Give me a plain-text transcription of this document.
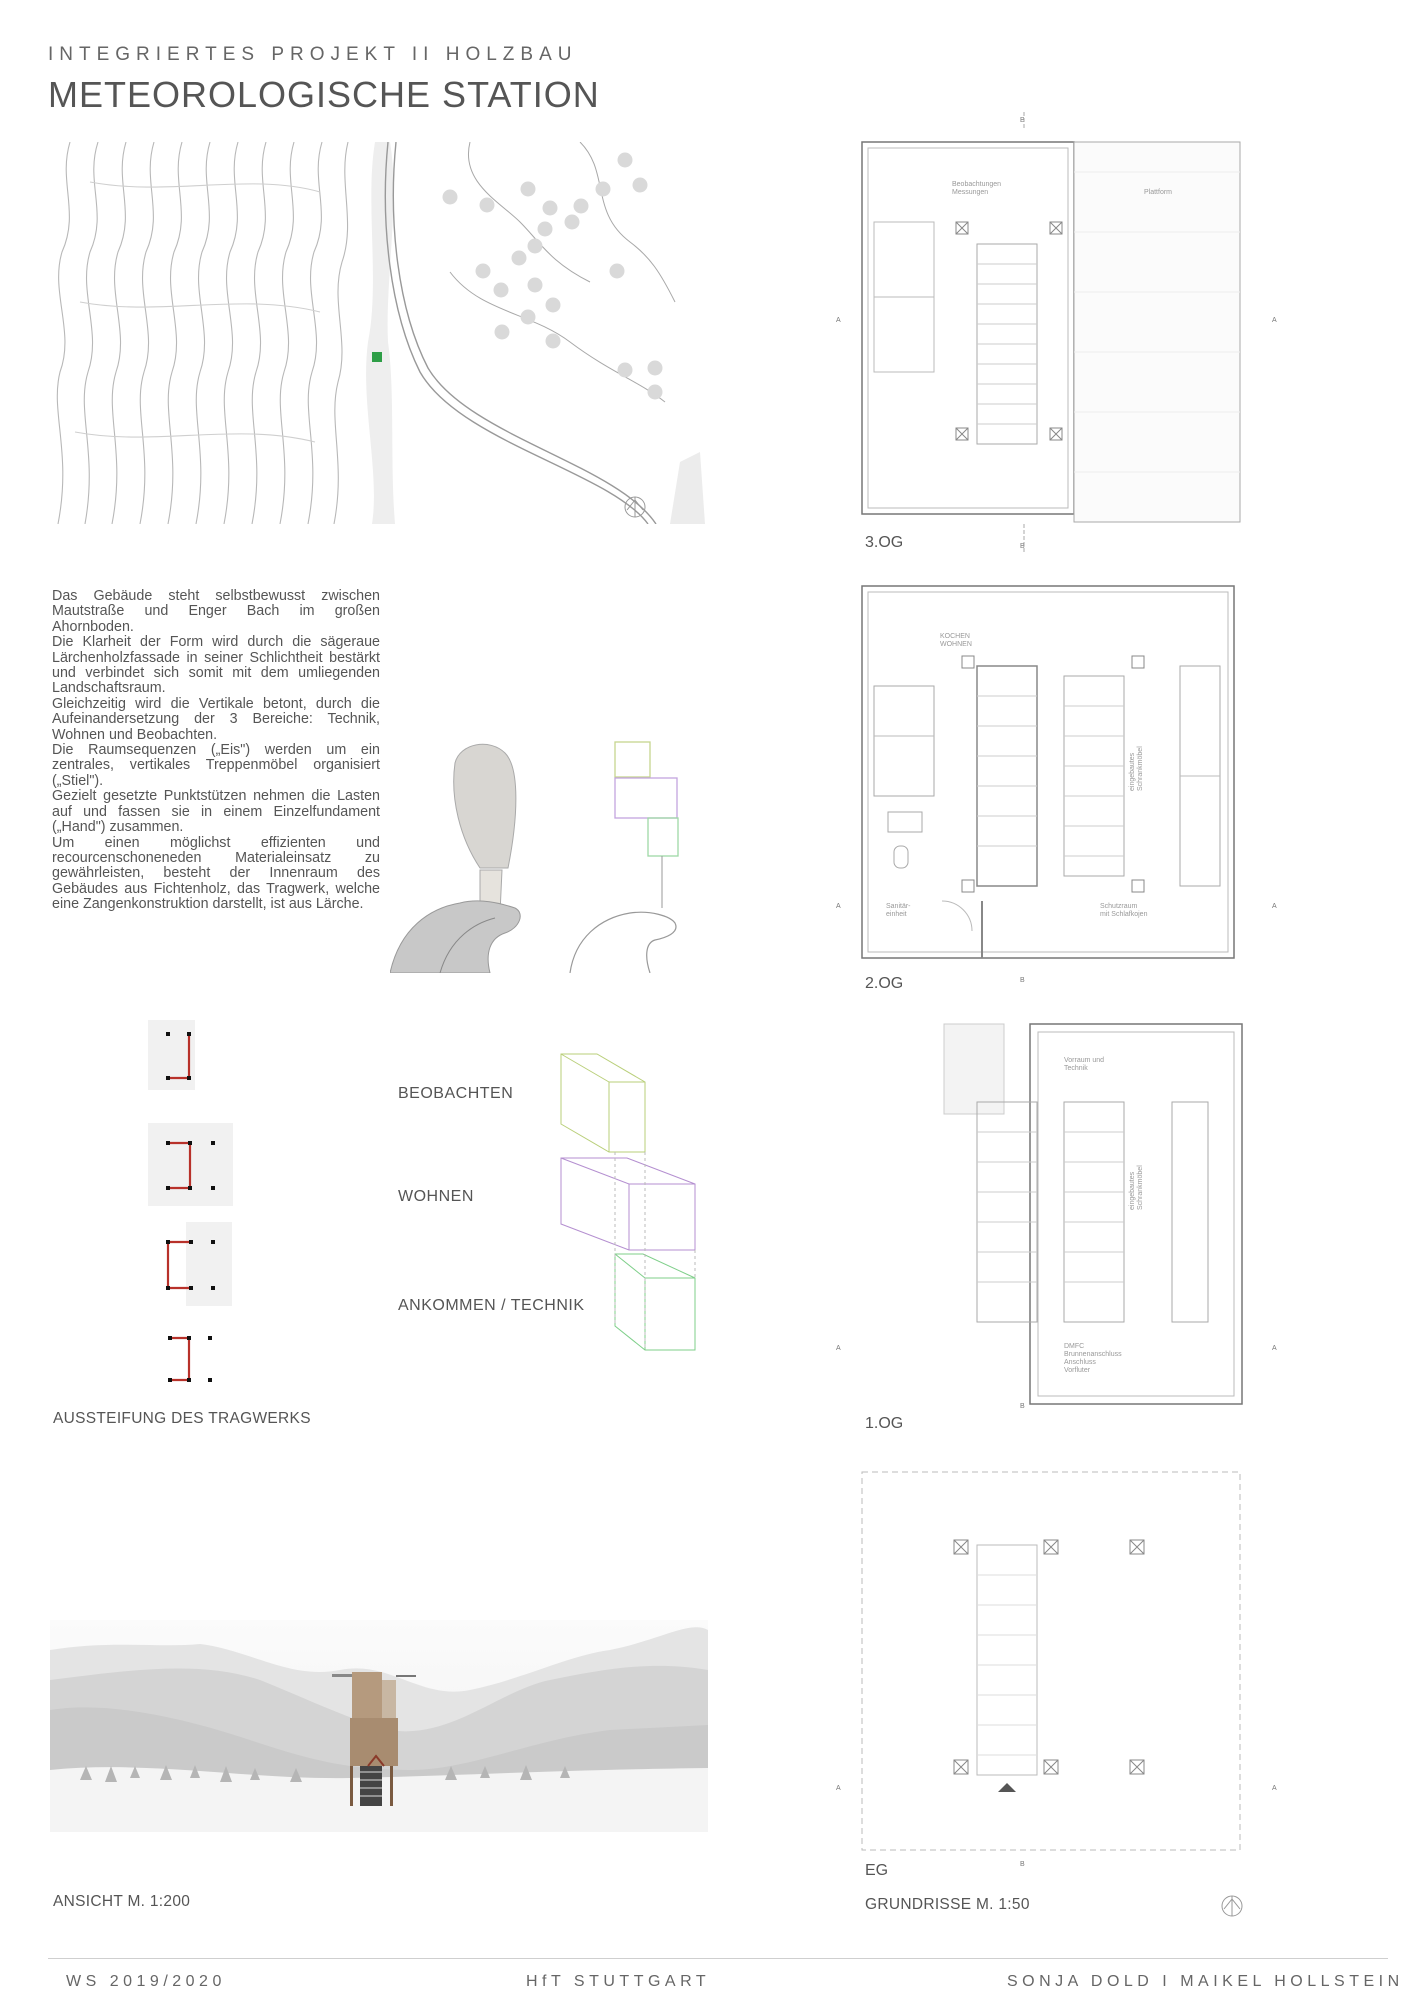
INTEGRIERTES PROJEKT II HOLZBAU
METEOROLOGISCHE STATION

Das Gebäude steht selbstbewusst zwischen Mautstraße und Enger Bach im großen Ahornboden.

Die Klarheit der Form wird durch die sägeraue Lärchenholzfassade in seiner Schlichtheit bestärkt und verbindet sich somit mit dem umliegenden Landschaftsraum.

Gleichzeitig wird die Vertikale betont, durch die Aufeinandersetzung der 3 Bereiche: Technik, Wohnen und Beobachten.

Die Raumsequenzen („Eis") werden um ein zentrales, vertikales Treppenmöbel organisiert („Stiel").

Gezielt gesetzte Punktstützen nehmen die Lasten auf und fassen sie in einem Einzelfundament („Hand") zusammen.

Um einen möglichst effizienten und recourcenschoneneden Materialeinsatz zu gewährleisten, besteht der Innenraum des Gebäudes aus Fichtenholz, das Tragwerk, welche eine Zangenkonstruktion darstellt, ist aus Lärche.

AUSSTEIFUNG DES TRAGWERKS
BEOBACHTEN
WOHNEN
ANKOMMEN / TECHNIK
ANSICHT M. 1:200
B
B
A	A
Beobachtungen
Messungen	Plattform
3.OG
KOCHEN
WOHNEN
Sanitär-
einheit
Schutzraum
mit Schlafkojen
eingebautes Schrankmöbel
A	A
B
2.OG
Vorraum und
Technik
DMFC
Brunnenanschluss
Anschluss
Vorfluter
eingebautes Schrankmöbel
A	A
B
1.OG
A	A
B
EG
GRUNDRISSE M. 1:50
WS 2019/2020	HfT STUTTGART	SONJA DOLD I MAIKEL HOLLSTEIN
